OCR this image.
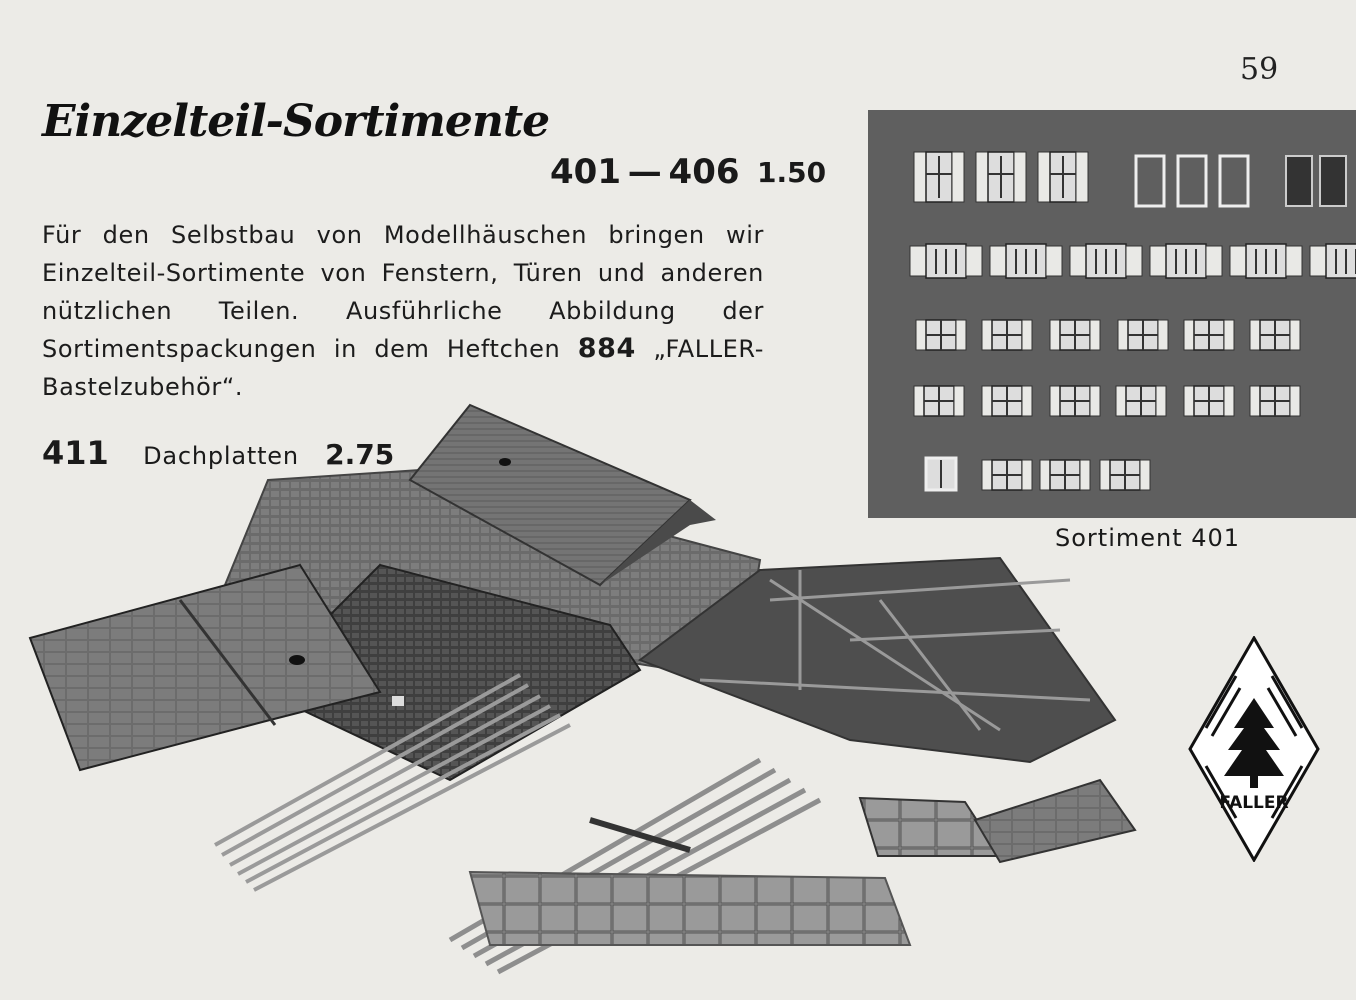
59
Einzelteil-Sortimente
401 — 406 1.50
Für den Selbstbau von Modellhäuschen bringen wir Einzelteil-Sortimente von Fenstern, Türen und anderen nützlichen Teilen. Ausführliche Abbildung der Sortimentspackungen in dem Heftchen 884 „FALLER-Bastelzubehör“.
411 Dachplatten 2.75
Sortiment 401
FALLER
